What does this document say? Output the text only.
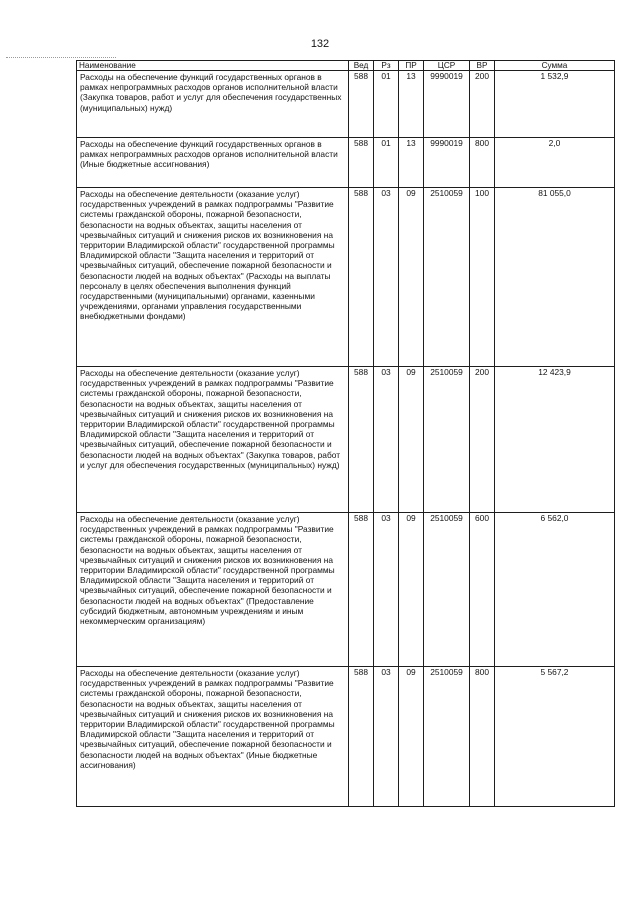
132
Наименование	Вед	Рз	ПР	ЦСР	ВР	Сумма
Расходы на обеспечение функций государственных органов в рамках непрограммных расходов органов исполнительной власти (Закупка товаров, работ и услуг для обеспечения государственных (муниципальных) нужд)	588	01	13	9990019	200	1 532,9
Расходы на обеспечение функций государственных органов в рамках непрограммных расходов органов исполнительной власти (Иные бюджетные ассигнования)	588	01	13	9990019	800	2,0
Расходы на обеспечение деятельности (оказание услуг) государственных учреждений в рамках подпрограммы "Развитие системы гражданской обороны, пожарной безопасности, безопасности на водных объектах, защиты населения от чрезвычайных ситуаций и снижения рисков их возникновения на территории Владимирской области" государственной программы Владимирской области "Защита населения и территорий от чрезвычайных ситуаций, обеспечение пожарной безопасности и безопасности людей на водных объектах" (Расходы на выплаты персоналу в целях обеспечения выполнения функций государственными (муниципальными) органами, казенными учреждениями, органами управления государственными внебюджетными фондами)	588	03	09	2510059	100	81 055,0
Расходы на обеспечение деятельности (оказание услуг) государственных учреждений в рамках подпрограммы "Развитие системы гражданской обороны, пожарной безопасности, безопасности на водных объектах, защиты населения от чрезвычайных ситуаций и снижения рисков их возникновения на территории Владимирской области" государственной программы Владимирской области "Защита населения и территорий от чрезвычайных ситуаций, обеспечение пожарной безопасности и безопасности людей на водных объектах" (Закупка товаров, работ и услуг для обеспечения государственных (муниципальных) нужд)	588	03	09	2510059	200	12 423,9
Расходы на обеспечение деятельности (оказание услуг) государственных учреждений в рамках подпрограммы "Развитие системы гражданской обороны, пожарной безопасности, безопасности на водных объектах, защиты населения от чрезвычайных ситуаций и снижения рисков их возникновения на территории Владимирской области" государственной программы Владимирской области "Защита населения и территорий от чрезвычайных ситуаций, обеспечение пожарной безопасности и безопасности людей на водных объектах" (Предоставление субсидий бюджетным, автономным учреждениям и иным некоммерческим организациям)	588	03	09	2510059	600	6 562,0
Расходы на обеспечение деятельности (оказание услуг) государственных учреждений в рамках подпрограммы "Развитие системы гражданской обороны, пожарной безопасности, безопасности на водных объектах, защиты населения от чрезвычайных ситуаций и снижения рисков их возникновения на территории Владимирской области" государственной программы Владимирской области "Защита населения и территорий от чрезвычайных ситуаций, обеспечение пожарной безопасности и безопасности людей на водных объектах" (Иные бюджетные ассигнования)	588	03	09	2510059	800	5 567,2
